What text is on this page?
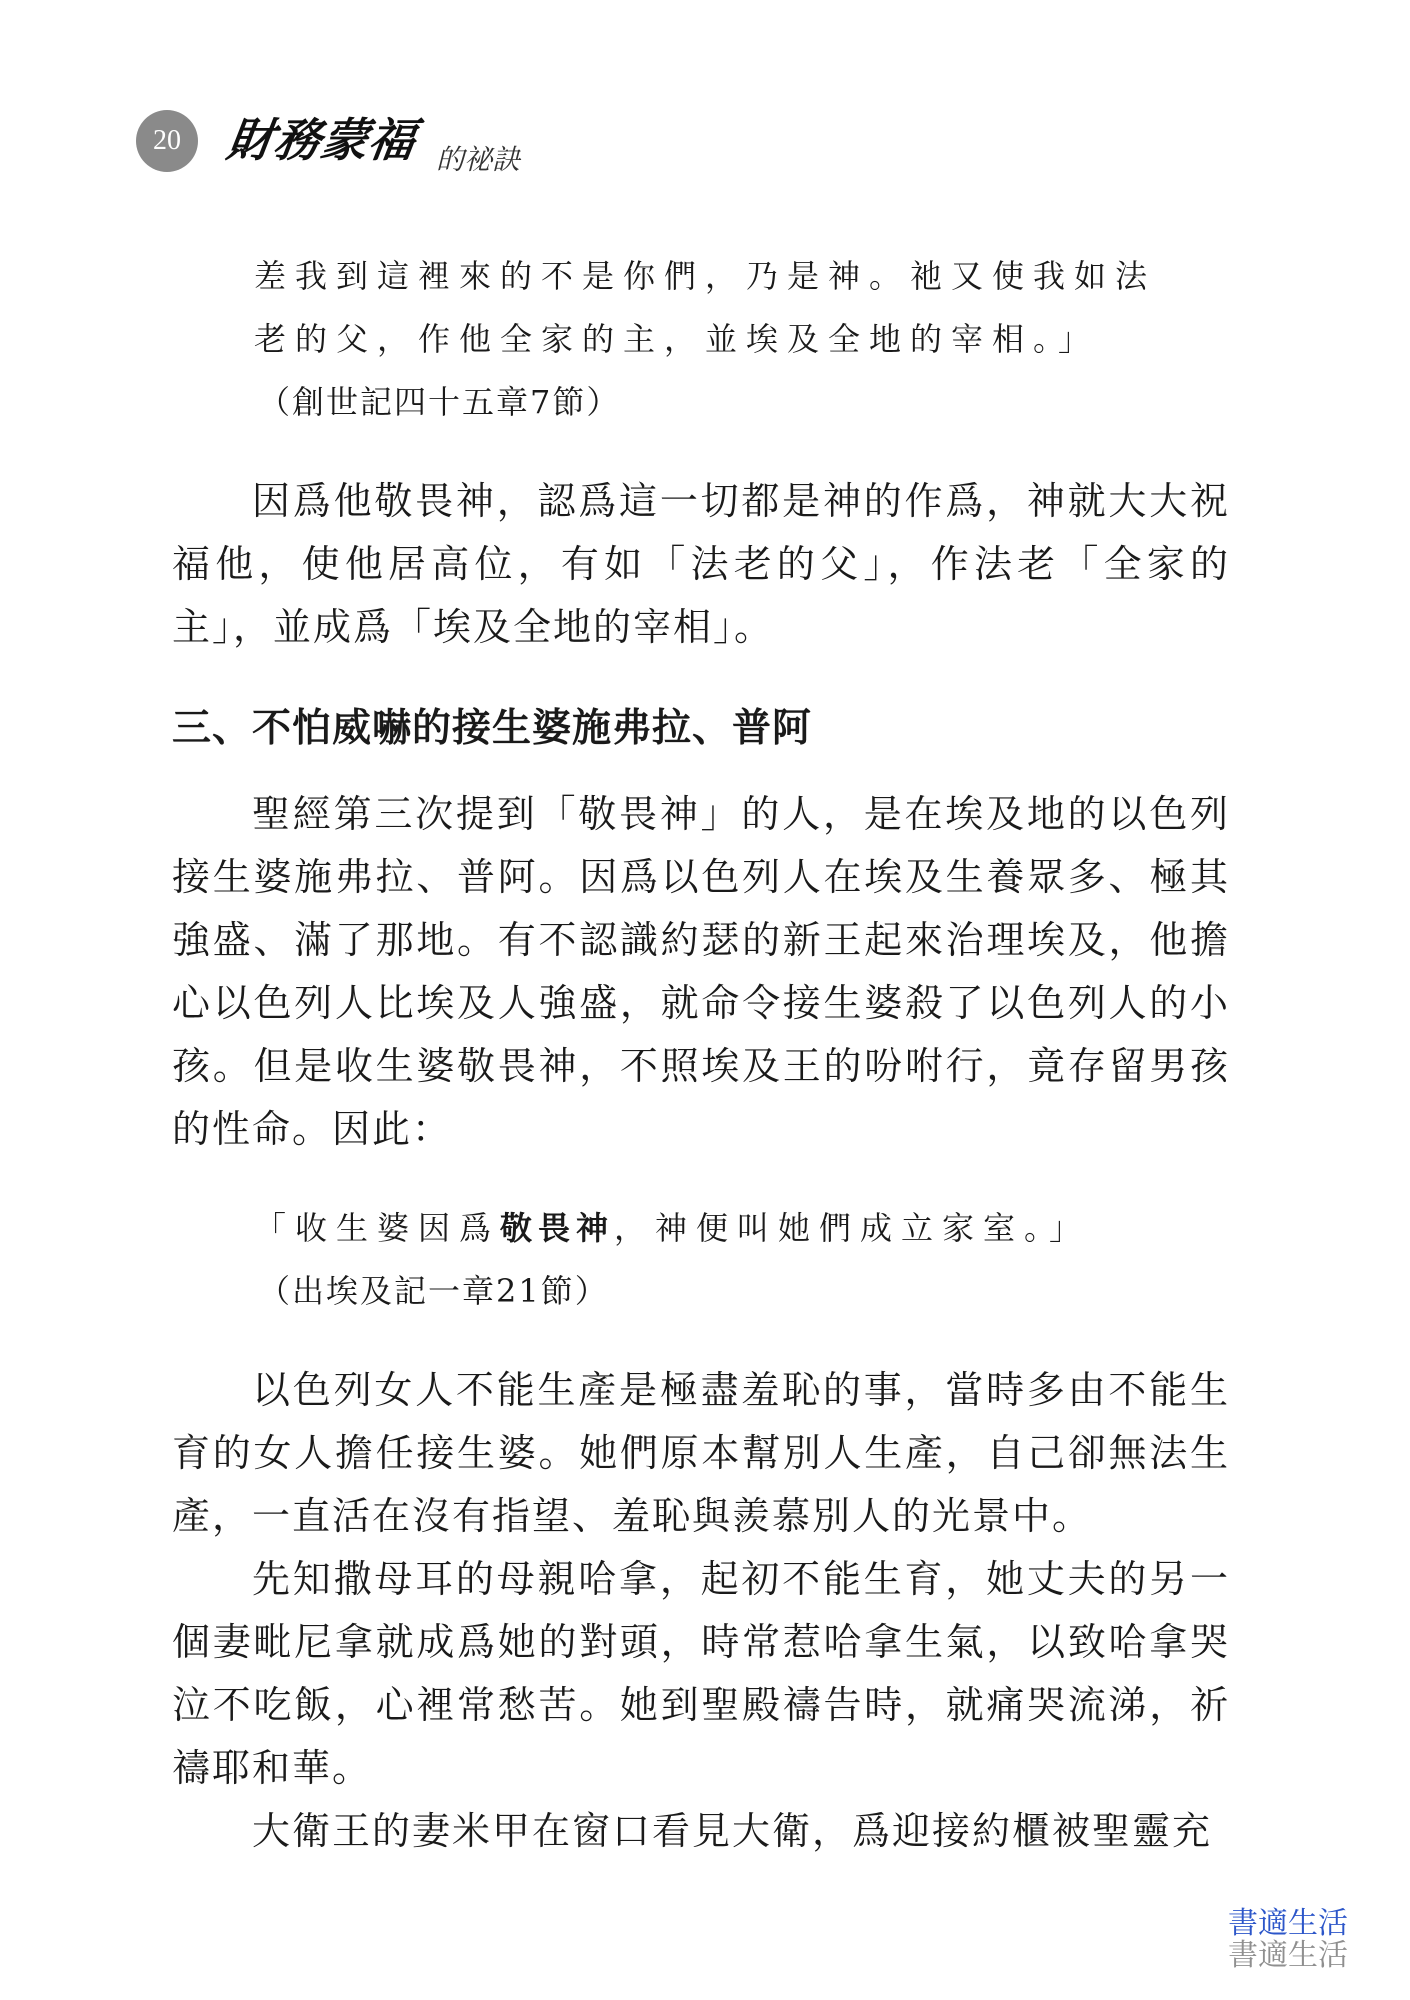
20 財務蒙福 的祕訣
差我到這裡來的不是你們，乃是神。祂又使我如法
老的父，作他全家的主，並埃及全地的宰相。」
（創世記四十五章7節）

因爲他敬畏神，認爲這一切都是神的作爲，神就大大祝福他，使他居高位，有如「法老的父」，作法老「全家的主」，並成爲「埃及全地的宰相」。

三、不怕威嚇的接生婆施弗拉、普阿

聖經第三次提到「敬畏神」的人，是在埃及地的以色列接生婆施弗拉、普阿。因爲以色列人在埃及生養眾多、極其強盛、滿了那地。有不認識約瑟的新王起來治理埃及，他擔心以色列人比埃及人強盛，就命令接生婆殺了以色列人的小孩。但是收生婆敬畏神，不照埃及王的吩咐行，竟存留男孩的性命。因此：

「收生婆因爲敬畏神，神便叫她們成立家室。」
（出埃及記一章21節）

以色列女人不能生產是極盡羞恥的事，當時多由不能生育的女人擔任接生婆。她們原本幫別人生產，自己卻無法生產，一直活在沒有指望、羞恥與羨慕別人的光景中。

先知撒母耳的母親哈拿，起初不能生育，她丈夫的另一個妻毗尼拿就成爲她的對頭，時常惹哈拿生氣，以致哈拿哭泣不吃飯，心裡常愁苦。她到聖殿禱告時，就痛哭流涕，祈禱耶和華。

大衛王的妻米甲在窗口看見大衛，爲迎接約櫃被聖靈充

書適生活
書適生活
